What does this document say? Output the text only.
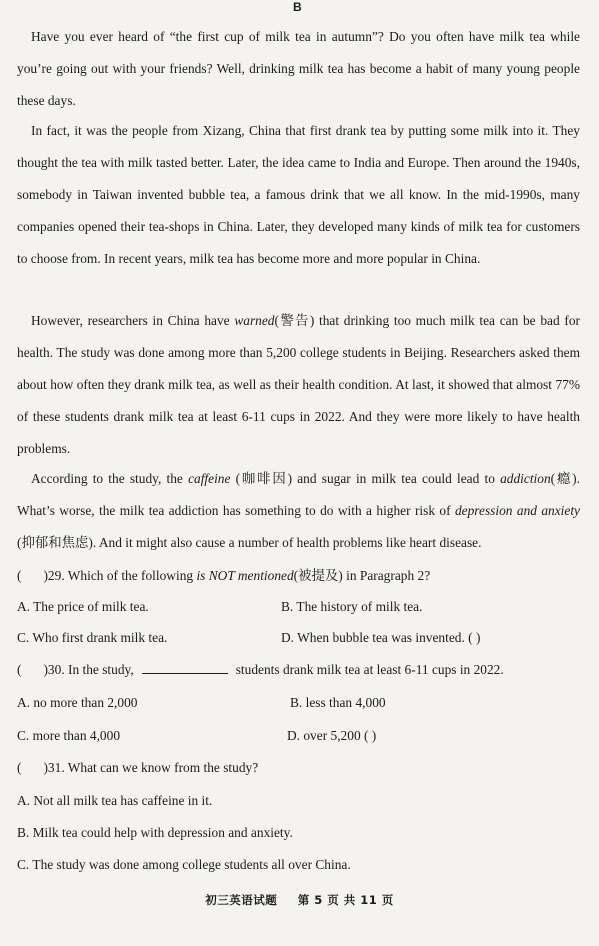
B

Have you ever heard of “the first cup of milk tea in autumn”? Do you often have milk tea while you’re going out with your friends? Well, drinking milk tea has become a habit of many young people these days.

In fact, it was the people from Xizang, China that first drank tea by putting some milk into it. They thought the tea with milk tasted better. Later, the idea came to India and Europe. Then around the 1940s, somebody in Taiwan invented bubble tea, a famous drink that we all know. In the mid-1990s, many companies opened their tea-shops in China. Later, they developed many kinds of milk tea for customers to choose from. In recent years, milk tea has become more and more popular in China.

However, researchers in China have warned(警告) that drinking too much milk tea can be bad for health. The study was done among more than 5,200 college students in Beijing. Researchers asked them about how often they drank milk tea, as well as their health condition. At last, it showed that almost 77% of these students drank milk tea at least 6-11 cups in 2022. And they were more likely to have health problems.

According to the study, the caffeine (咖啡因) and sugar in milk tea could lead to addiction(瘾). What’s worse, the milk tea addiction has something to do with a higher risk of depression and anxiety (抑郁和焦虑). And it might also cause a number of health problems like heart disease.

( )29. Which of the following is NOT mentioned(被提及) in Paragraph 2?
A. The price of milk tea.	B. The history of milk tea.
C. Who first drank milk tea.	D. When bubble tea was invented. ( )
( )30. In the study,	students drank milk tea at least 6-11 cups in 2022.
A. no more than 2,000	B. less than 4,000
C. more than 4,000	D. over 5,200 ( )
( )31. What can we know from the study?
A. Not all milk tea has caffeine in it.
B. Milk tea could help with depression and anxiety.
C. The study was done among college students all over China.
初三英语试题 第 5 页 共 11 页
